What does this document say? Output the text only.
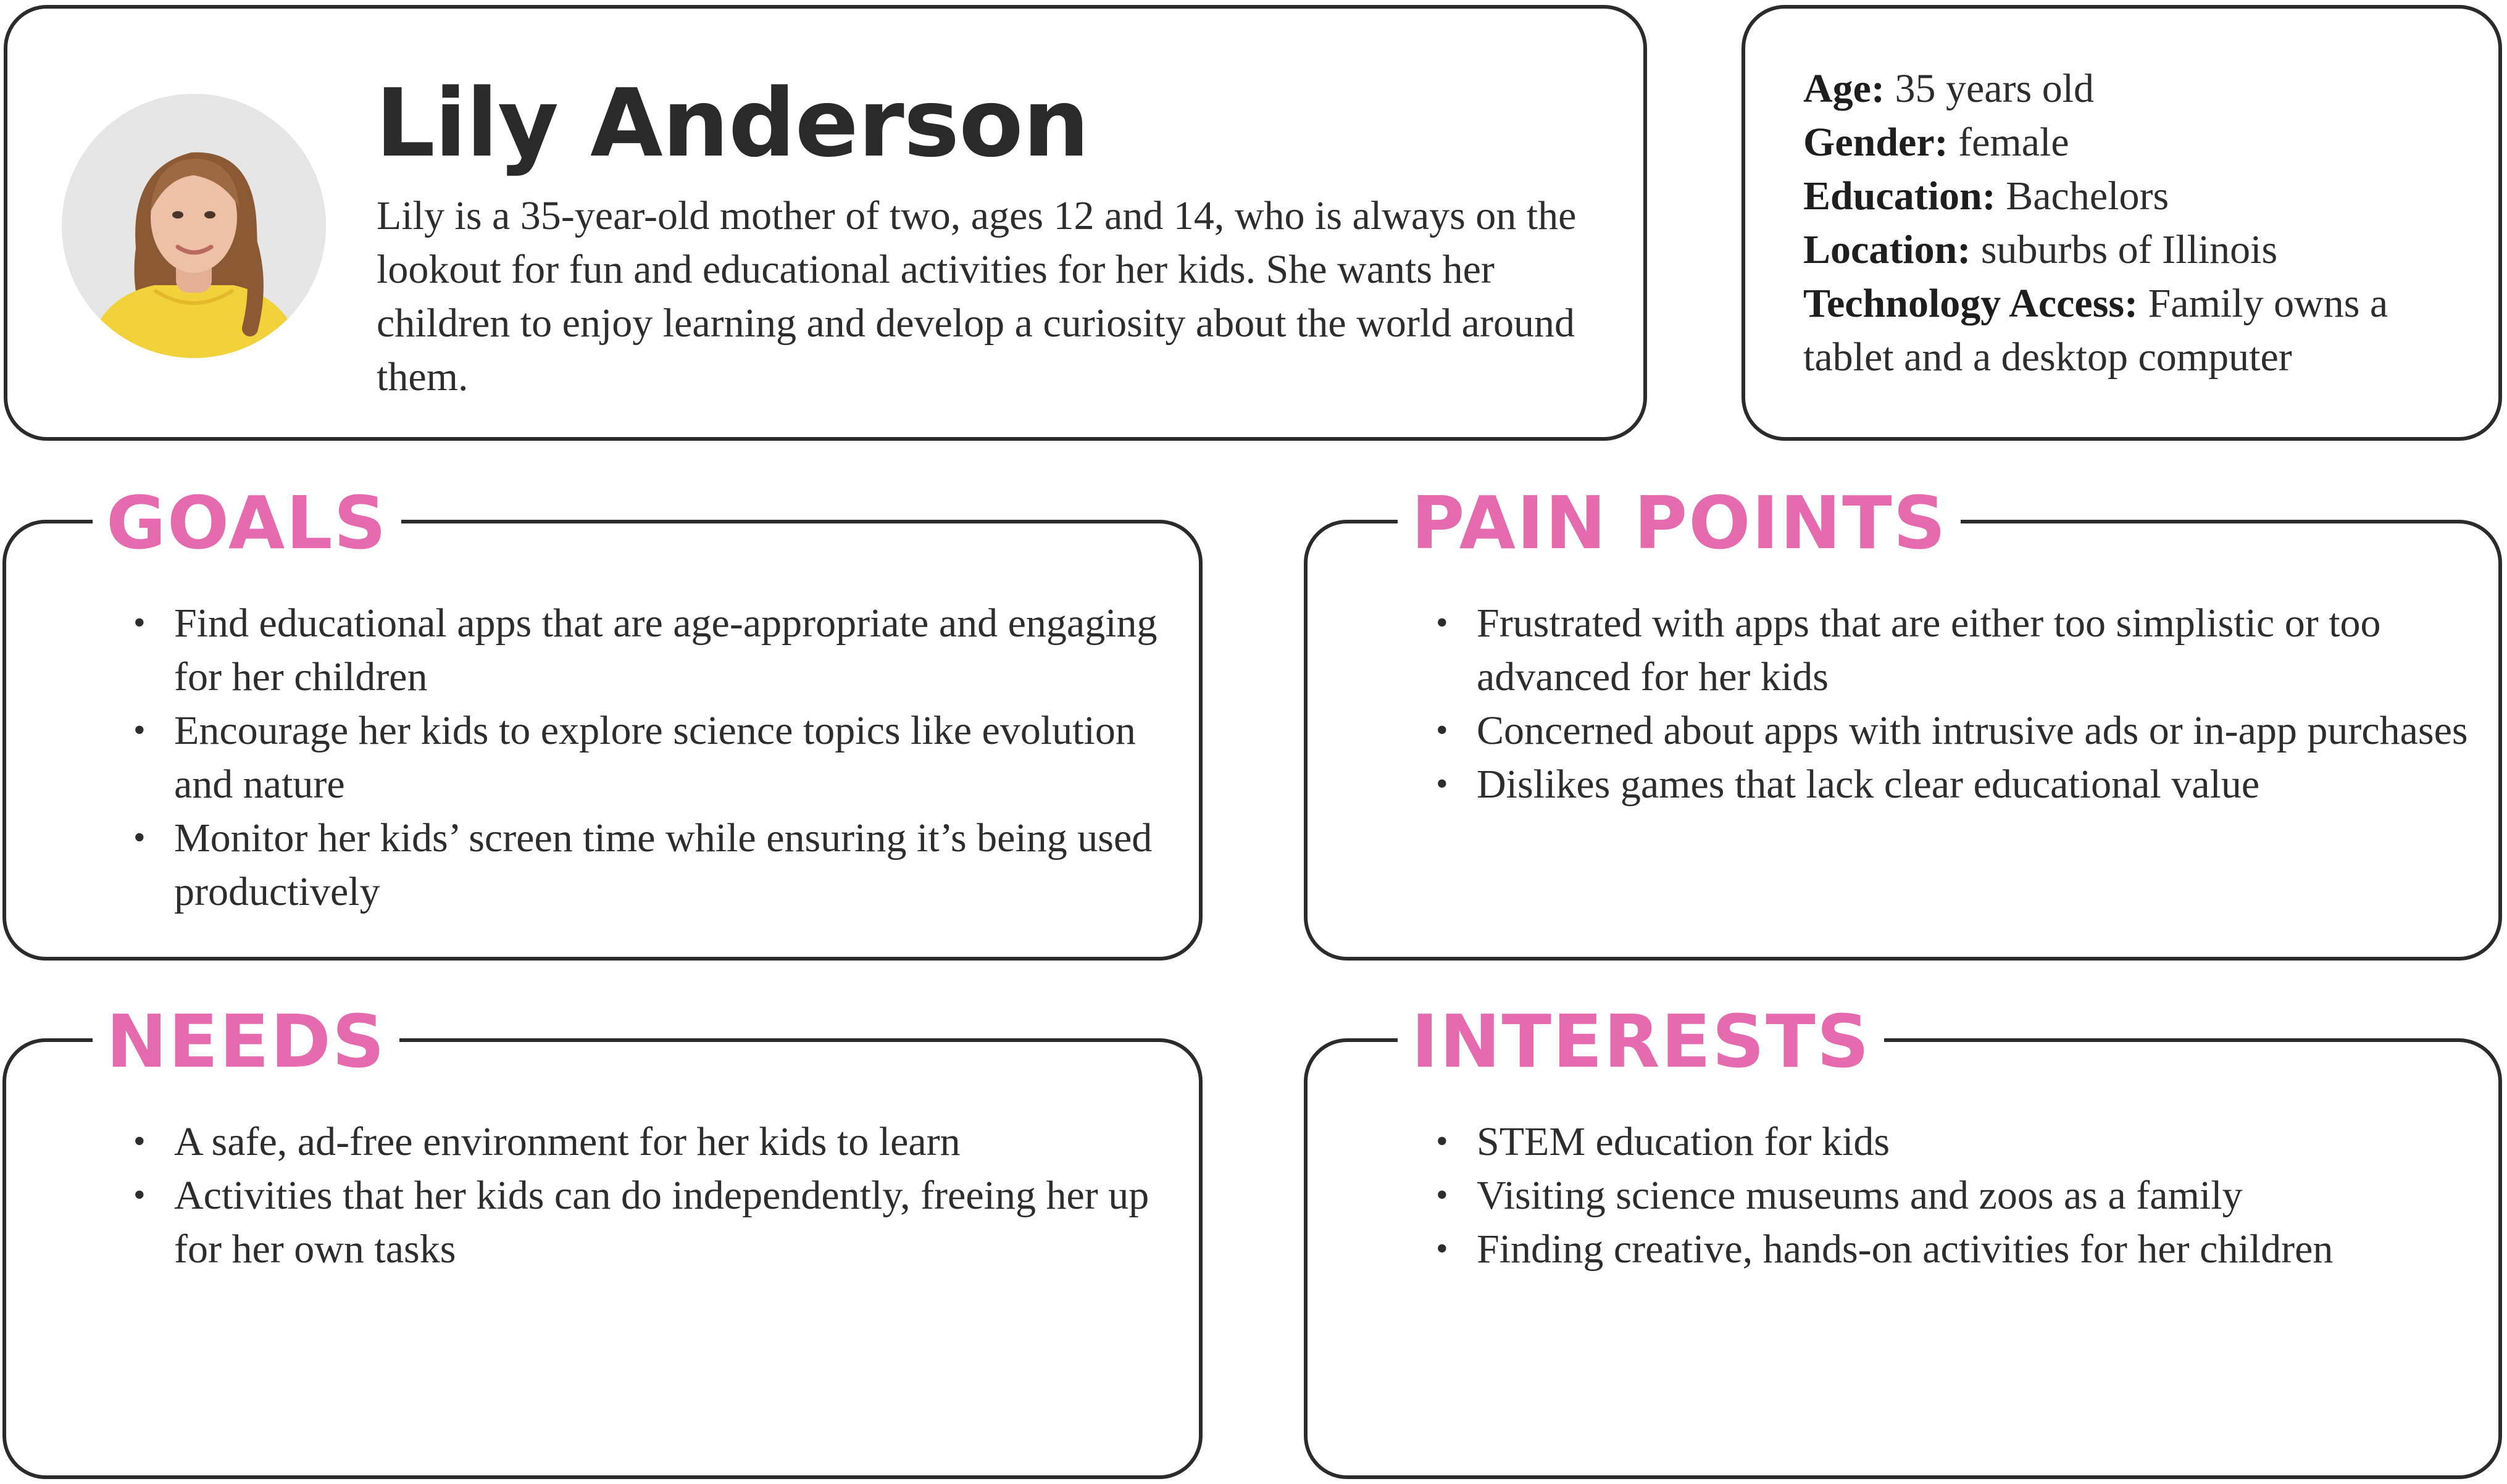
Lily Anderson

Lily is a 35-year-old mother of two, ages 12 and 14, who is always on the lookout for fun and educational activities for her kids. She wants her children to enjoy learning and develop a curiosity about the world around them.

Age: 35 years old
Gender: female
Education: Bachelors
Location: suburbs of Illinois
Technology Access: Family owns a tablet and a desktop computer
GOALS
• Find educational apps that are age-appropriate and engaging for her children
• Encourage her kids to explore science topics like evolution and nature
• Monitor her kids’ screen time while ensuring it’s being used productively
PAIN POINTS
• Frustrated with apps that are either too simplistic or too advanced for her kids
• Concerned about apps with intrusive ads or in-app purchases
• Dislikes games that lack clear educational value
NEEDS
• A safe, ad-free environment for her kids to learn
• Activities that her kids can do independently, freeing her up for her own tasks
INTERESTS
• STEM education for kids
• Visiting science museums and zoos as a family
• Finding creative, hands-on activities for her children
